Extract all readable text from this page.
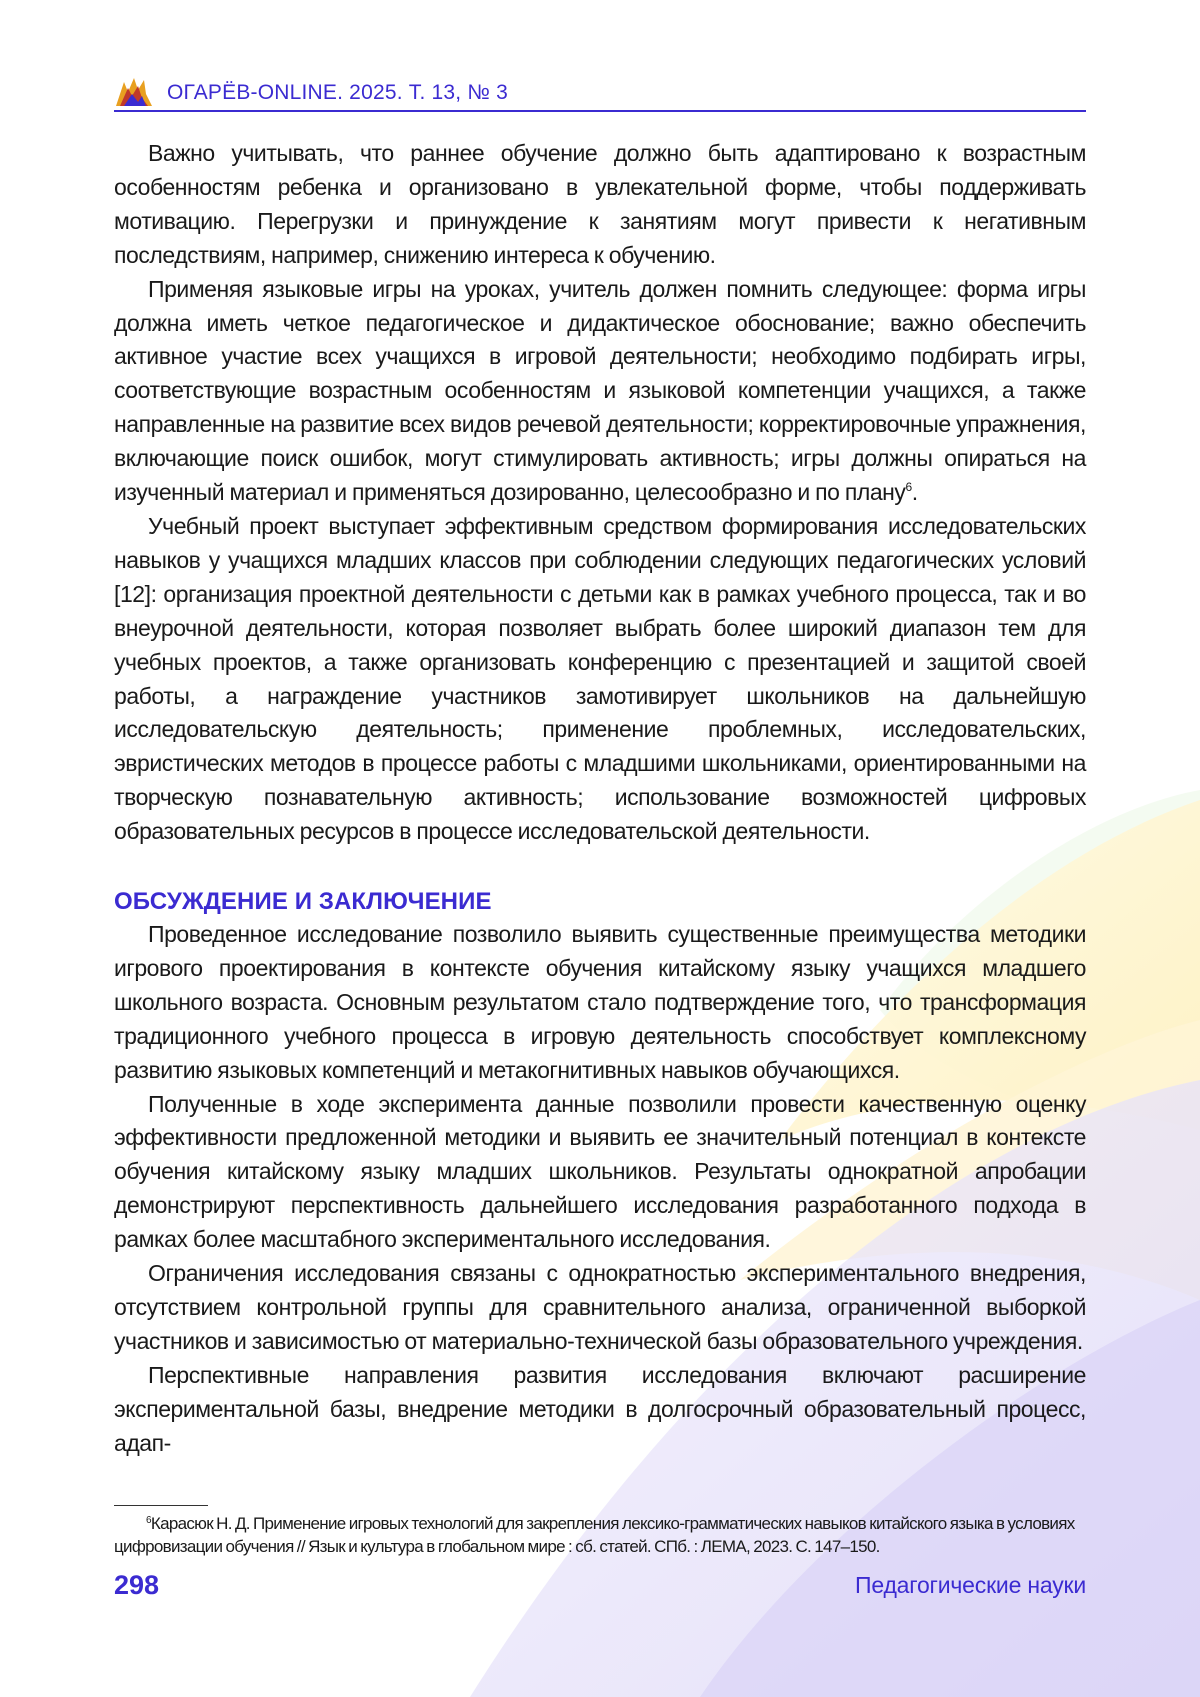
ОГАРЁВ-ONLINE. 2025. Т. 13, № 3

Важно учитывать, что раннее обучение должно быть адаптировано к возрастным особенностям ребенка и организовано в увлекательной форме, чтобы поддерживать мотивацию. Перегрузки и принуждение к занятиям могут привести к негативным последствиям, например, снижению интереса к обучению.

Применяя языковые игры на уроках, учитель должен помнить следующее: форма игры должна иметь четкое педагогическое и дидактическое обоснование; важно обеспечить активное участие всех учащихся в игровой деятельности; необходимо подбирать игры, соответствующие возрастным особенностям и языковой компетенции учащихся, а также направленные на развитие всех видов речевой деятельности; корректировочные упражнения, включающие поиск ошибок, могут стимулировать активность; игры должны опираться на изученный материал и применяться дозированно, целесообразно и по плану6.

Учебный проект выступает эффективным средством формирования исследовательских навыков у учащихся младших классов при соблюдении следующих педагогических условий [12]: организация проектной деятельности с детьми как в рамках учебного процесса, так и во внеурочной деятельности, которая позволяет выбрать более широкий диапазон тем для учебных проектов, а также организовать конференцию с презентацией и защитой своей работы, а награждение участников замотивирует школьников на дальнейшую исследовательскую деятельность; применение проблемных, исследовательских, эвристических методов в процессе работы с младшими школьниками, ориентированными на творческую познавательную активность; использование возможностей цифровых образовательных ресурсов в процессе исследовательской деятельности.

ОБСУЖДЕНИЕ И ЗАКЛЮЧЕНИЕ

Проведенное исследование позволило выявить существенные преимущества методики игрового проектирования в контексте обучения китайскому языку учащихся младшего школьного возраста. Основным результатом стало подтверждение того, что трансформация традиционного учебного процесса в игровую деятельность способствует комплексному развитию языковых компетенций и метакогнитивных навыков обучающихся.

Полученные в ходе эксперимента данные позволили провести качественную оценку эффективности предложенной методики и выявить ее значительный потенциал в контексте обучения китайскому языку младших школьников. Результаты однократной апробации демонстрируют перспективность дальнейшего исследования разработанного подхода в рамках более масштабного экспериментального исследования.

Ограничения исследования связаны с однократностью экспериментального внедрения, отсутствием контрольной группы для сравнительного анализа, ограниченной выборкой участников и зависимостью от материально-технической базы образовательного учреждения.

Перспективные направления развития исследования включают расширение экспериментальной базы, внедрение методики в долгосрочный образовательный процесс, адап-

6Карасюк Н. Д. Применение игровых технологий для закрепления лексико-грамматических навыков китайского языка в условиях цифровизации обучения // Язык и культура в глобальном мире : сб. статей. СПб. : ЛЕМА, 2023. С. 147–150.

298	Педагогические науки
